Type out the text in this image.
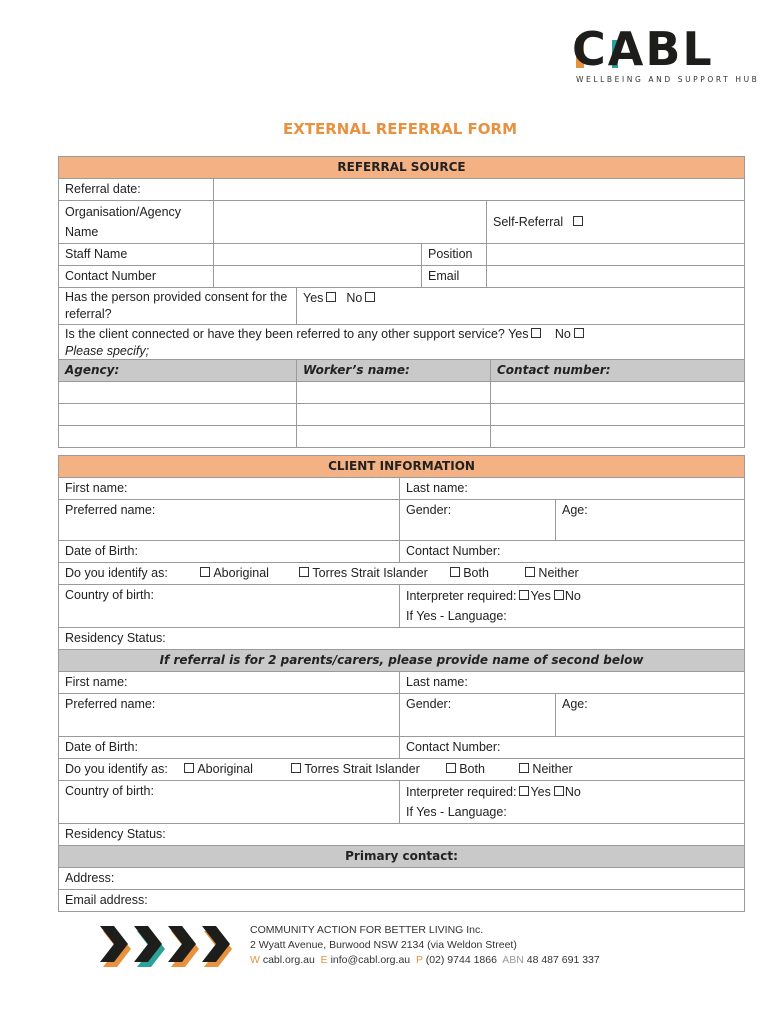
CABL
WELLBEING AND SUPPORT HUB
EXTERNAL REFERRAL FORM
REFERRAL SOURCE				
Referral date:				
Organisation/Agency Name				Self-Referral
Staff Name			Position	
Contact Number			Email	
Has the person provided consent for the referral?		Yes No		
Is the client connected or have they been referred to any other support service? Yes No
Please specify;				
Agency:	Worker’s name:	Contact number:

CLIENT INFORMATION		
First name:	Last name:	
Preferred name:	Gender:	Age:
Date of Birth:	Contact Number:	
Do you identify as: Aboriginal Torres Strait Islander Both Neither		
Country of birth:	Interpreter required: Yes No
If Yes - Language:	
Residency Status:		
If referral is for 2 parents/carers, please provide name of second below		
First name:	Last name:	
Preferred name:	Gender:	Age:
Date of Birth:	Contact Number:	
Do you identify as: Aboriginal Torres Strait Islander Both Neither		
Country of birth:	Interpreter required: Yes No
If Yes - Language:	
Residency Status:		
Primary contact:		
Address:		
Email address:		
COMMUNITY ACTION FOR BETTER LIVING Inc.
2 Wyatt Avenue, Burwood NSW 2134 (via Weldon Street)
W cabl.org.au E info@cabl.org.au P (02) 9744 1866 ABN 48 487 691 337
